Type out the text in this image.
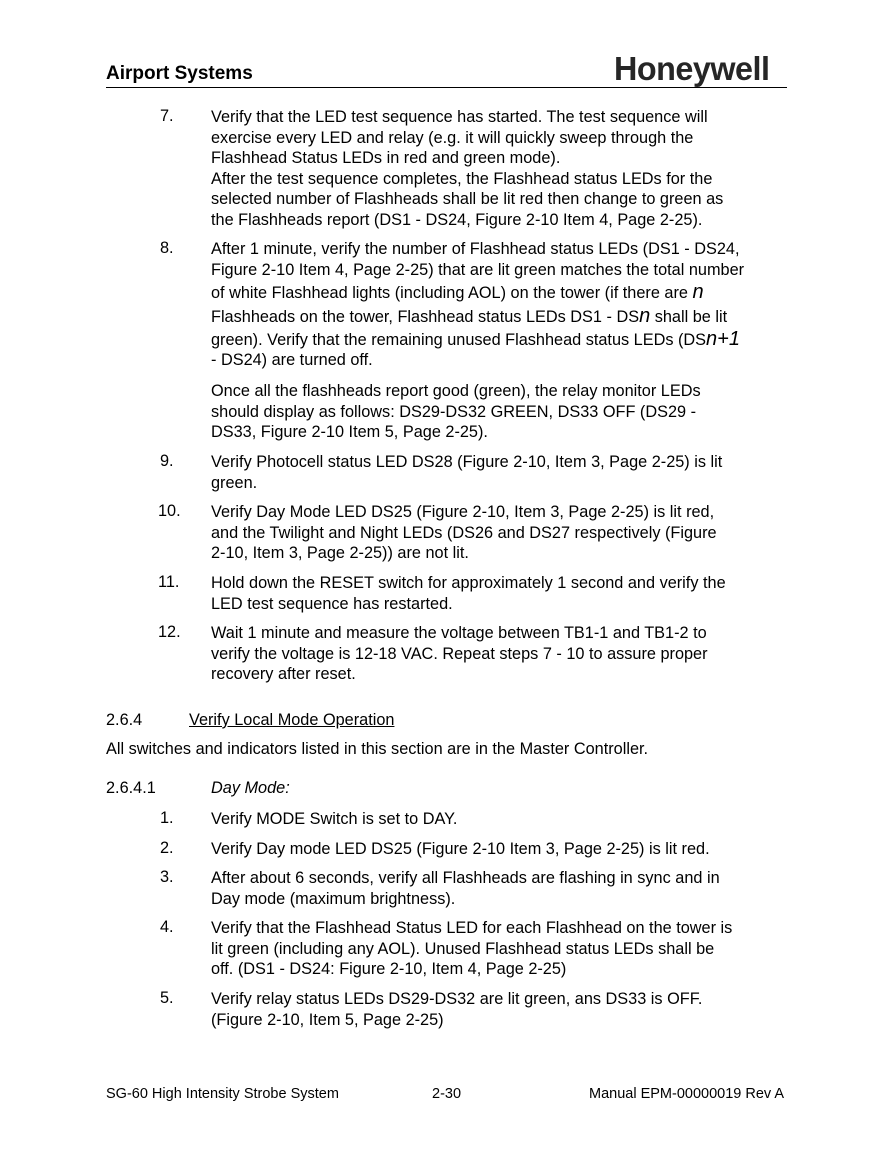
Airport Systems	Honeywell
7. Verify that the LED test sequence has started. The test sequence will
exercise every LED and relay (e.g. it will quickly sweep through the
Flashhead Status LEDs in red and green mode).
After the test sequence completes, the Flashhead status LEDs for the
selected number of Flashheads shall be lit red then change to green as
the Flashheads report (DS1 - DS24, Figure 2-10 Item 4, Page 2-25).
8. After 1 minute, verify the number of Flashhead status LEDs (DS1 - DS24,
Figure 2-10 Item 4, Page 2-25) that are lit green matches the total number
of white Flashhead lights (including AOL) on the tower (if there are n
Flashheads on the tower, Flashhead status LEDs DS1 - DSn shall be lit
green). Verify that the remaining unused Flashhead status LEDs (DSn+1
- DS24) are turned off.
Once all the flashheads report good (green), the relay monitor LEDs
should display as follows: DS29-DS32 GREEN, DS33 OFF (DS29 -
DS33, Figure 2-10 Item 5, Page 2-25).
9. Verify Photocell status LED DS28 (Figure 2-10, Item 3, Page 2-25) is lit
green.
10. Verify Day Mode LED DS25 (Figure 2-10, Item 3, Page 2-25) is lit red,
and the Twilight and Night LEDs (DS26 and DS27 respectively (Figure
2-10, Item 3, Page 2-25)) are not lit.
11. Hold down the RESET switch for approximately 1 second and verify the
LED test sequence has restarted.
12. Wait 1 minute and measure the voltage between TB1-1 and TB1-2 to
verify the voltage is 12-18 VAC. Repeat steps 7 - 10 to assure proper
recovery after reset.
2.6.4	Verify Local Mode Operation
All switches and indicators listed in this section are in the Master Controller.
2.6.4.1	Day Mode:
1. Verify MODE Switch is set to DAY.
2. Verify Day mode LED DS25 (Figure 2-10 Item 3, Page 2-25) is lit red.
3. After about 6 seconds, verify all Flashheads are flashing in sync and in
Day mode (maximum brightness).
4. Verify that the Flashhead Status LED for each Flashhead on the tower is
lit green (including any AOL). Unused Flashhead status LEDs shall be
off. (DS1 - DS24: Figure 2-10, Item 4, Page 2-25)
5. Verify relay status LEDs DS29-DS32 are lit green, ans DS33 is OFF.
(Figure 2-10, Item 5, Page 2-25)
SG-60 High Intensity Strobe System	2-30	Manual EPM-00000019 Rev A
